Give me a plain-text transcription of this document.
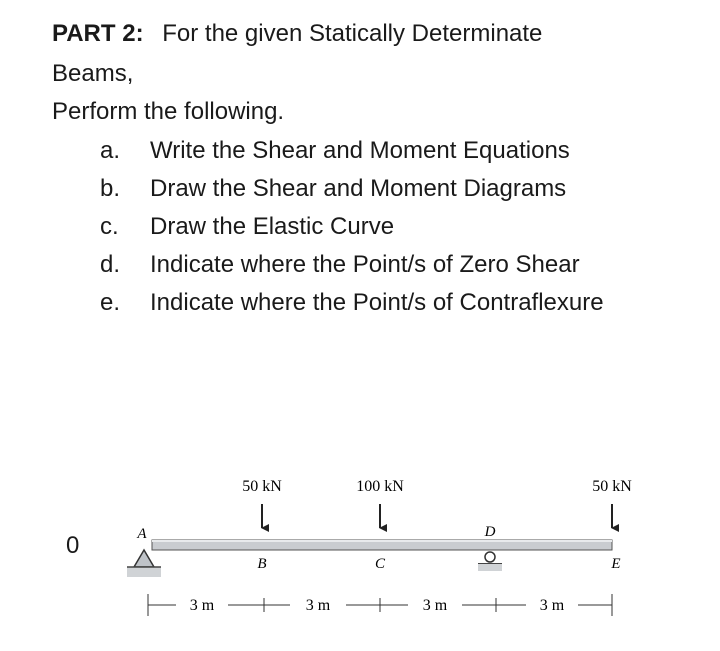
PART 2: For the given Statically Determinate
Beams,
Perform the following.
a. Write the Shear and Moment Equations
b. Draw the Shear and Moment Diagrams
c. Draw the Elastic Curve
d. Indicate where the Point/s of Zero Shear
e. Indicate where the Point/s of Contraflexure
0
50 kN	100 kN	50 kN
A
B	C
D
E
3 m	3 m	3 m	3 m
